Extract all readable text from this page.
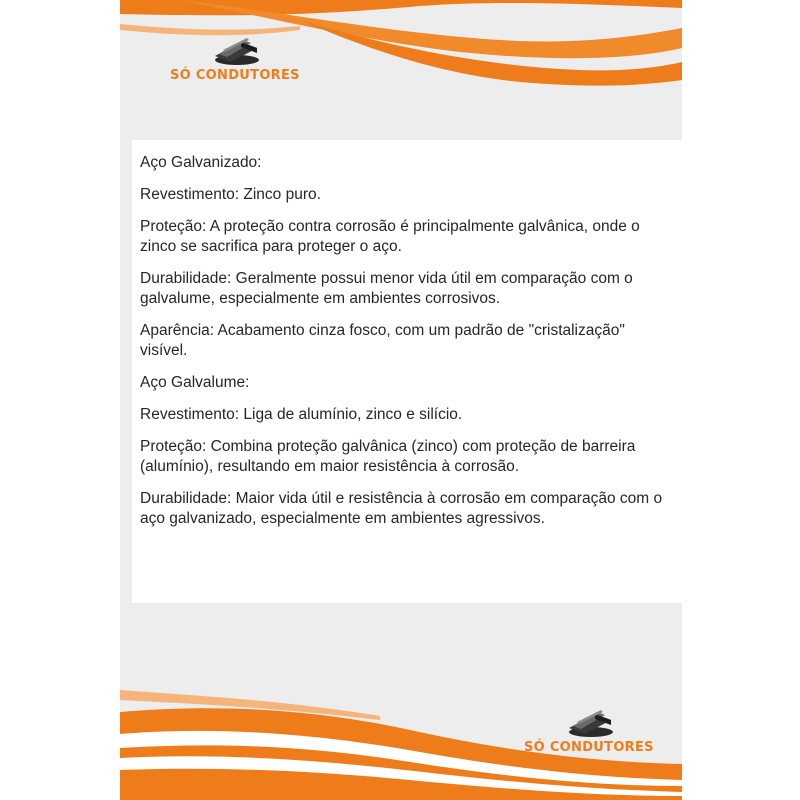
SÓ CONDUTORES

Aço Galvanizado:

Revestimento: Zinco puro.

Proteção: A proteção contra corrosão é principalmente galvânica, onde o zinco se sacrifica para proteger o aço.

Durabilidade: Geralmente possui menor vida útil em comparação com o galvalume, especialmente em ambientes corrosivos.

Aparência: Acabamento cinza fosco, com um padrão de "cristalização" visível.

Aço Galvalume:

Revestimento: Liga de alumínio, zinco e silício.

Proteção: Combina proteção galvânica (zinco) com proteção de barreira (alumínio), resultando em maior resistência à corrosão.

Durabilidade: Maior vida útil e resistência à corrosão em comparação com o aço galvanizado, especialmente em ambientes agressivos.

SÓ CONDUTORES
